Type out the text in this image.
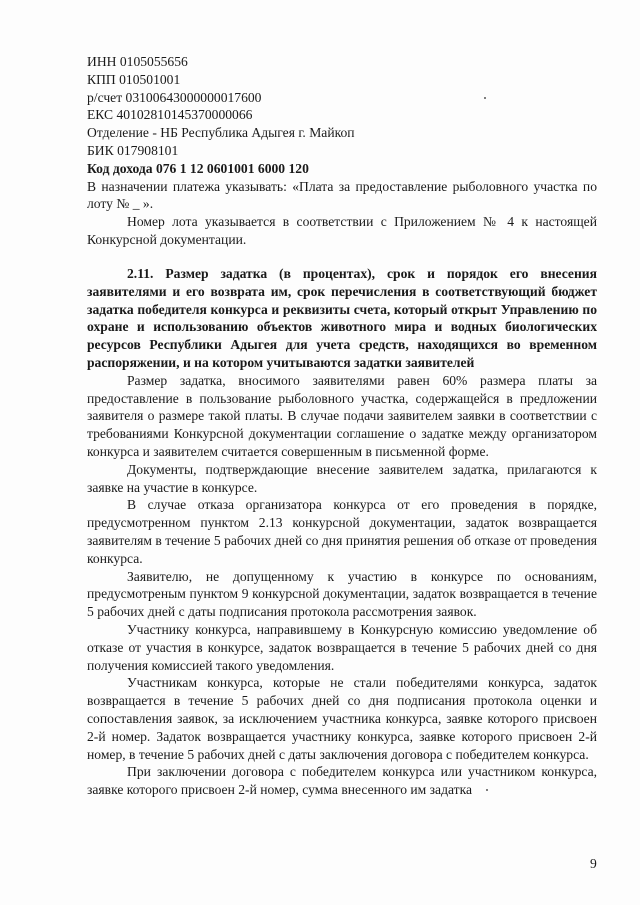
ИНН 0105055656
КПП 010501001
р/счет 03100643000000017600
ЕКС 40102810145370000066
Отделение - НБ Республика Адыгея г. Майкоп
БИК 017908101
Код дохода 076 1 12 0601001 6000 120
В назначении платежа указывать: «Плата за предоставление рыболовного участка по лоту № _ ».
Номер лота указывается в соответствии с Приложением № 4 к настоящей Конкурсной документации.
2.11. Размер задатка (в процентах), срок и порядок его внесения заявителями и его возврата им, срок перечисления в соответствующий бюджет задатка победителя конкурса и реквизиты счета, который открыт Управлению по охране и использованию объектов животного мира и водных биологических ресурсов Республики Адыгея для учета средств, находящихся во временном распоряжении, и на котором учитываются задатки заявителей
Размер задатка, вносимого заявителями равен 60% размера платы за предоставление в пользование рыболовного участка, содержащейся в предложении заявителя о размере такой платы. В случае подачи заявителем заявки в соответствии с требованиями Конкурсной документации соглашение о задатке между организатором конкурса и заявителем считается совершенным в письменной форме.
Документы, подтверждающие внесение заявителем задатка, прилагаются к заявке на участие в конкурсе.
В случае отказа организатора конкурса от его проведения в порядке, предусмотренном пунктом 2.13 конкурсной документации, задаток возвращается заявителям в течение 5 рабочих дней со дня принятия решения об отказе от проведения конкурса.
Заявителю, не допущенному к участию в конкурсе по основаниям, предусмотреным пунктом 9 конкурсной документации, задаток возвращается в течение 5 рабочих дней с даты подписания протокола рассмотрения заявок.
Участнику конкурса, направившему в Конкурсную комиссию уведомление об отказе от участия в конкурсе, задаток возвращается в течение 5 рабочих дней со дня получения комиссией такого уведомления.
Участникам конкурса, которые не стали победителями конкурса, задаток возвращается в течение 5 рабочих дней со дня подписания протокола оценки и сопоставления заявок, за исключением участника конкурса, заявке которого присвоен 2-й номер. Задаток возвращается участнику конкурса, заявке которого присвоен 2-й номер, в течение 5 рабочих дней с даты заключения договора с победителем конкурса.
При заключении договора с победителем конкурса или участником конкурса, заявке которого присвоен 2-й номер, сумма внесенного им задатка
9
